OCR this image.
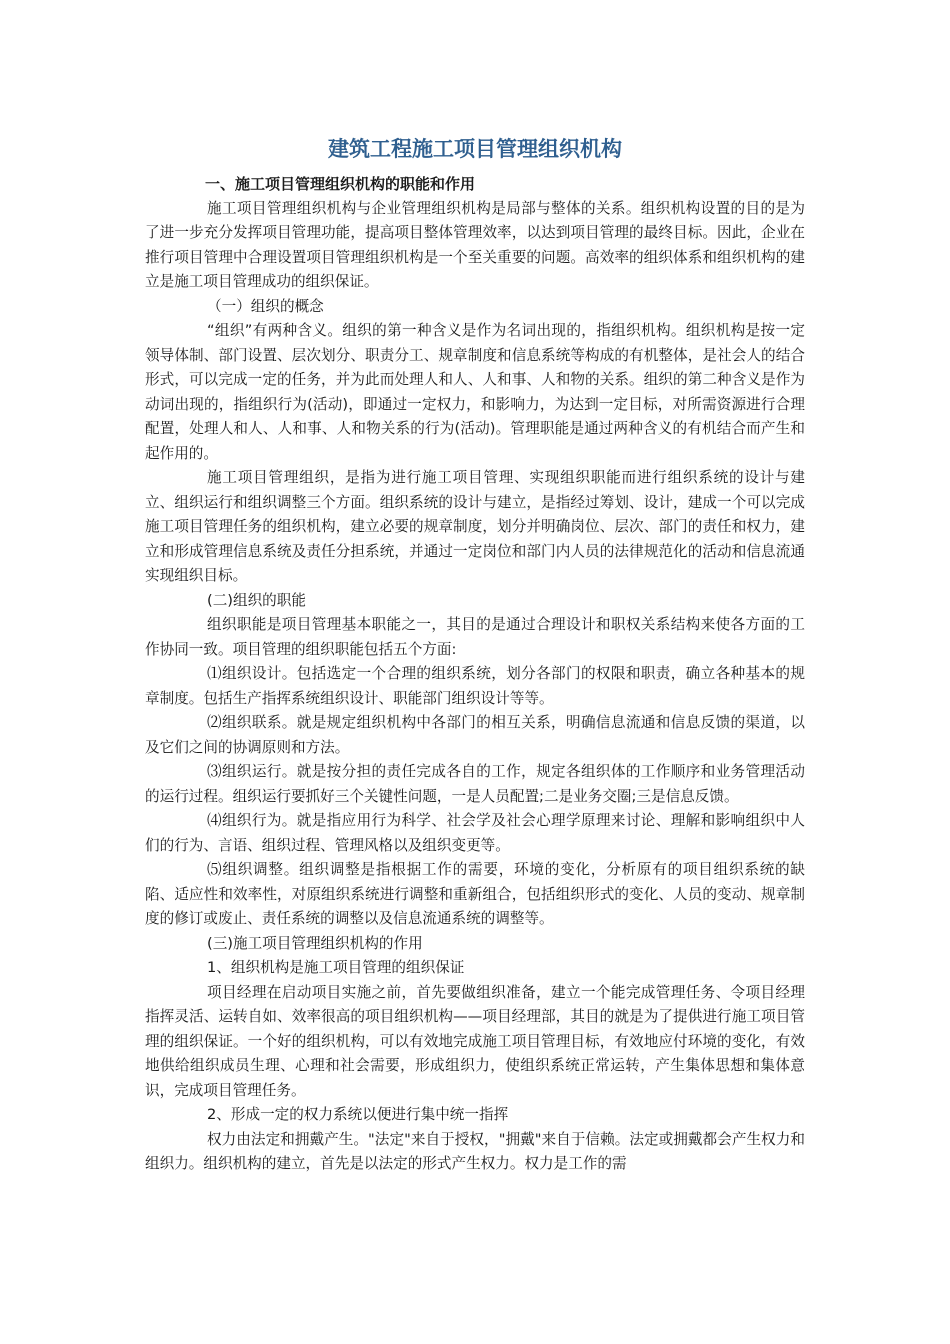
建筑工程施工项目管理组织机构

一、施工项目管理组织机构的职能和作用

施工项目管理组织机构与企业管理组织机构是局部与整体的关系。组织机构设置的目的是为了进一步充分发挥项目管理功能，提高项目整体管理效率，以达到项目管理的最终目标。因此，企业在推行项目管理中合理设置项目管理组织机构是一个至关重要的问题。高效率的组织体系和组织机构的建立是施工项目管理成功的组织保证。

（一）组织的概念

“组织”有两种含义。组织的第一种含义是作为名词出现的，指组织机构。组织机构是按一定领导体制、部门设置、层次划分、职责分工、规章制度和信息系统等构成的有机整体，是社会人的结合形式，可以完成一定的任务，并为此而处理人和人、人和事、人和物的关系。组织的第二种含义是作为动词出现的，指组织行为(活动)，即通过一定权力，和影响力，为达到一定目标，对所需资源进行合理配置，处理人和人、人和事、人和物关系的行为(活动)。管理职能是通过两种含义的有机结合而产生和起作用的。

施工项目管理组织，是指为进行施工项目管理、实现组织职能而进行组织系统的设计与建立、组织运行和组织调整三个方面。组织系统的设计与建立，是指经过筹划、设计，建成一个可以完成施工项目管理任务的组织机构，建立必要的规章制度，划分并明确岗位、层次、部门的责任和权力，建立和形成管理信息系统及责任分担系统，并通过一定岗位和部门内人员的法律规范化的活动和信息流通实现组织目标。

(二)组织的职能

组织职能是项目管理基本职能之一，其目的是通过合理设计和职权关系结构来使各方面的工作协同一致。项目管理的组织职能包括五个方面:

⑴组织设计。包括选定一个合理的组织系统，划分各部门的权限和职责，确立各种基本的规章制度。包括生产指挥系统组织设计、职能部门组织设计等等。

⑵组织联系。就是规定组织机构中各部门的相互关系，明确信息流通和信息反馈的渠道，以及它们之间的协调原则和方法。

⑶组织运行。就是按分担的责任完成各自的工作，规定各组织体的工作顺序和业务管理活动的运行过程。组织运行要抓好三个关键性问题，一是人员配置;二是业务交圈;三是信息反馈。

⑷组织行为。就是指应用行为科学、社会学及社会心理学原理来讨论、理解和影响组织中人们的行为、言语、组织过程、管理风格以及组织变更等。

⑸组织调整。组织调整是指根据工作的需要，环境的变化，分析原有的项目组织系统的缺陷、适应性和效率性，对原组织系统进行调整和重新组合，包括组织形式的变化、人员的变动、规章制度的修订或废止、责任系统的调整以及信息流通系统的调整等。

(三)施工项目管理组织机构的作用

1、组织机构是施工项目管理的组织保证

项目经理在启动项目实施之前，首先要做组织准备，建立一个能完成管理任务、令项目经理指挥灵活、运转自如、效率很高的项目组织机构——项目经理部，其目的就是为了提供进行施工项目管理的组织保证。一个好的组织机构，可以有效地完成施工项目管理目标，有效地应付环境的变化，有效地供给组织成员生理、心理和社会需要，形成组织力，使组织系统正常运转，产生集体思想和集体意识，完成项目管理任务。

2、形成一定的权力系统以便进行集中统一指挥

权力由法定和拥戴产生。"法定"来自于授权，"拥戴"来自于信赖。法定或拥戴都会产生权力和组织力。组织机构的建立，首先是以法定的形式产生权力。权力是工作的需
